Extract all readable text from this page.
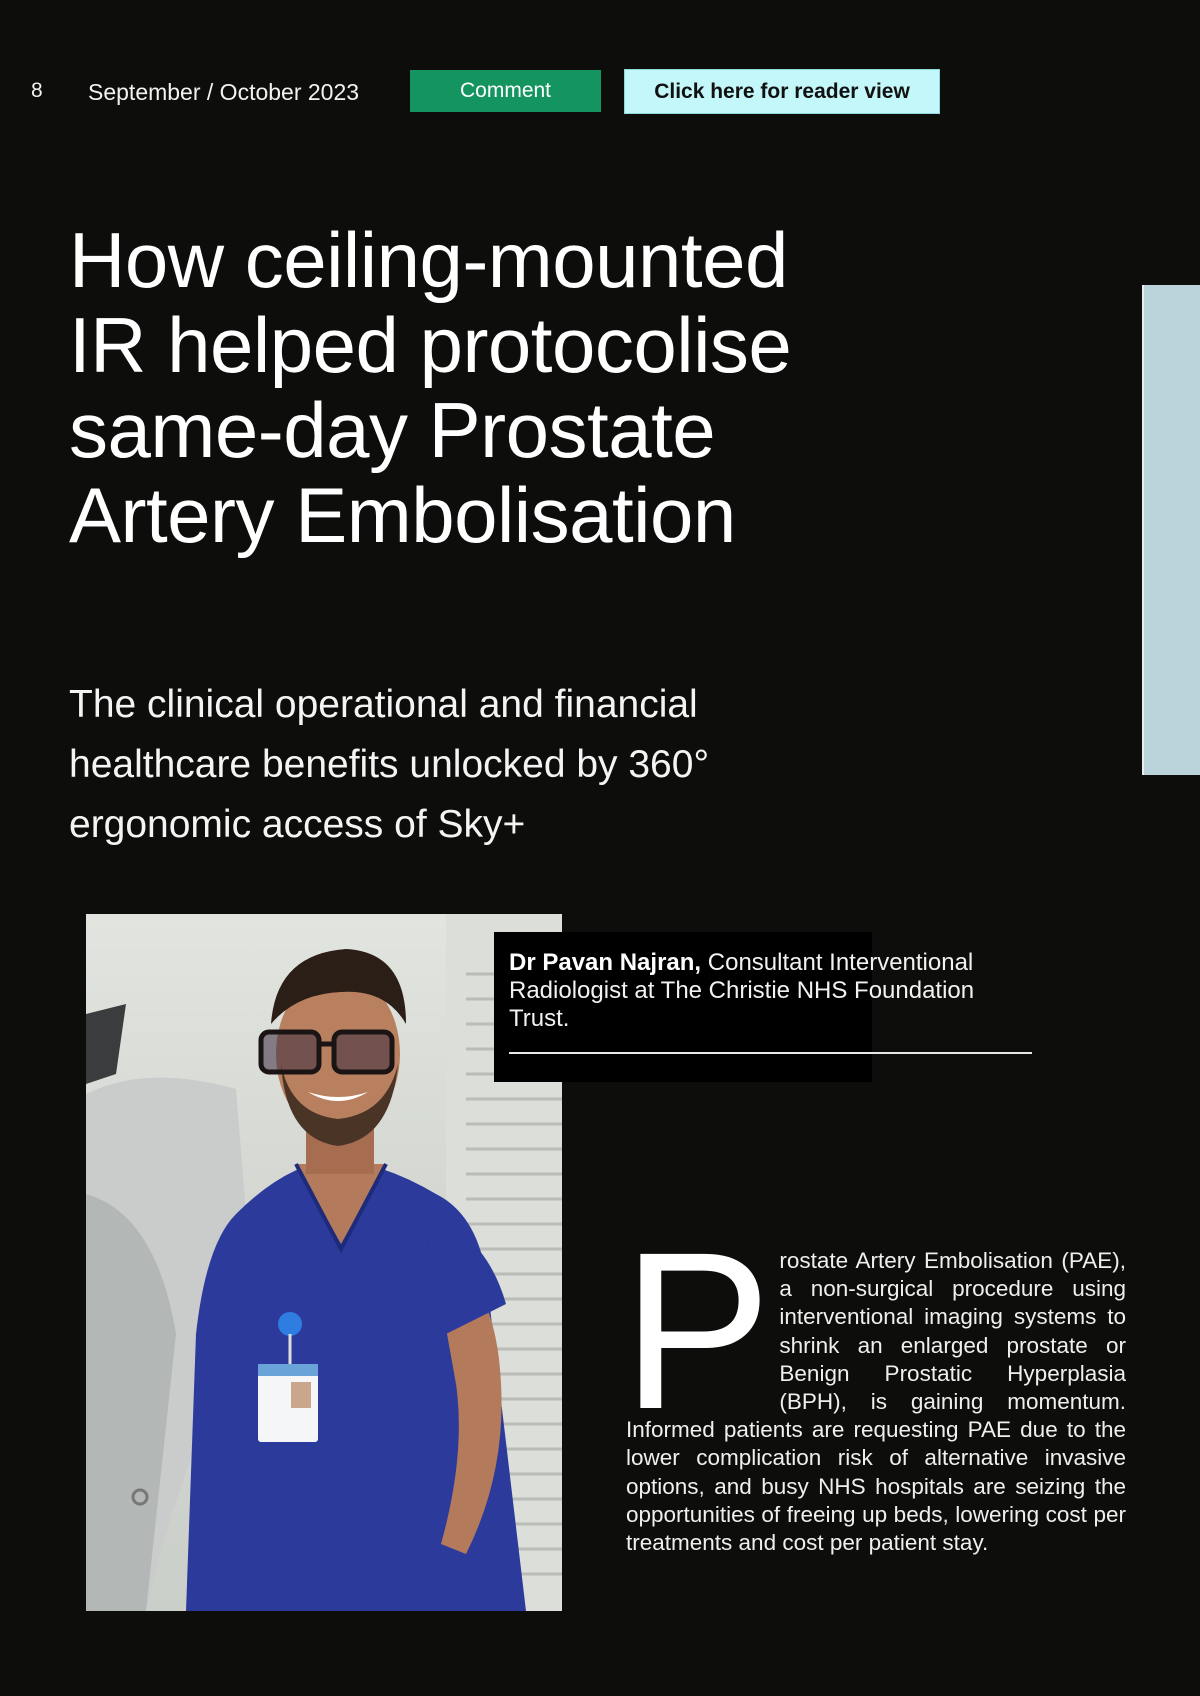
8 September / October 2023	Comment	Click here for reader view
How ceiling-mounted
IR helped protocolise
same-day Prostate
Artery Embolisation
The clinical operational and financial
healthcare benefits unlocked by 360°
ergonomic access of Sky+
Dr Pavan Najran, Consultant Interventional Radiologist at The Christie NHS Foundation Trust.

Prostate Artery Embolisation (PAE), a non-surgical procedure using interventional imaging systems to shrink an enlarged prostate or Benign Prostatic Hyperplasia (BPH), is gaining momentum. Informed patients are requesting PAE due to the lower complication risk of alternative invasive options, and busy NHS hospitals are seizing the opportunities of freeing up beds, lowering cost per treatments and cost per patient stay.
